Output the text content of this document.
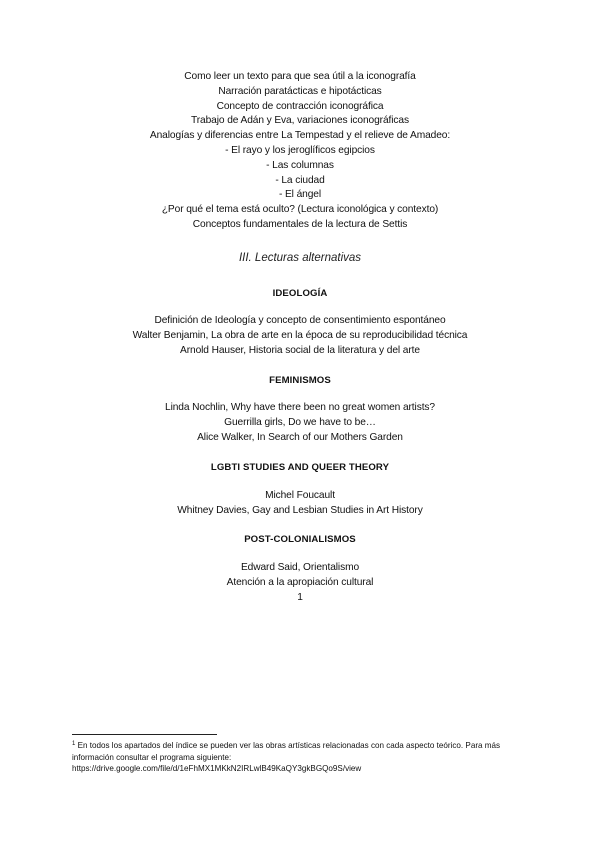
Como leer un texto para que sea útil a la iconografía
Narración paratácticas e hipotácticas
Concepto de contracción iconográfica
Trabajo de Adán y Eva, variaciones iconográficas
Analogías y diferencias entre La Tempestad y el relieve de Amadeo:
- El rayo y los jeroglíficos egipcios
- Las columnas
- La ciudad
- El ángel
¿Por qué el tema está oculto? (Lectura iconológica y contexto)
Conceptos fundamentales de la lectura de Settis
III. Lecturas alternativas
IDEOLOGÍA
Definición de Ideología y concepto de consentimiento espontáneo
Walter Benjamin, La obra de arte en la época de su reproducibilidad técnica
Arnold Hauser, Historia social de la literatura y del arte
FEMINISMOS
Linda Nochlin, Why have there been no great women artists?
Guerrilla girls, Do we have to be…
Alice Walker, In Search of our Mothers Garden
LGBTI STUDIES AND QUEER THEORY
Michel Foucault
Whitney Davies, Gay and Lesbian Studies in Art History
POST-COLONIALISMOS
Edward Said, Orientalismo
Atención a la apropiación cultural
1
$^1$ En todos los apartados del índice se pueden ver las obras artísticas relacionadas con cada aspecto teórico. Para más información consultar el programa siguiente:
https://drive.google.com/file/d/1eFhMX1MKkN2IRLwlB49KaQY3gkBGQo9S/view
